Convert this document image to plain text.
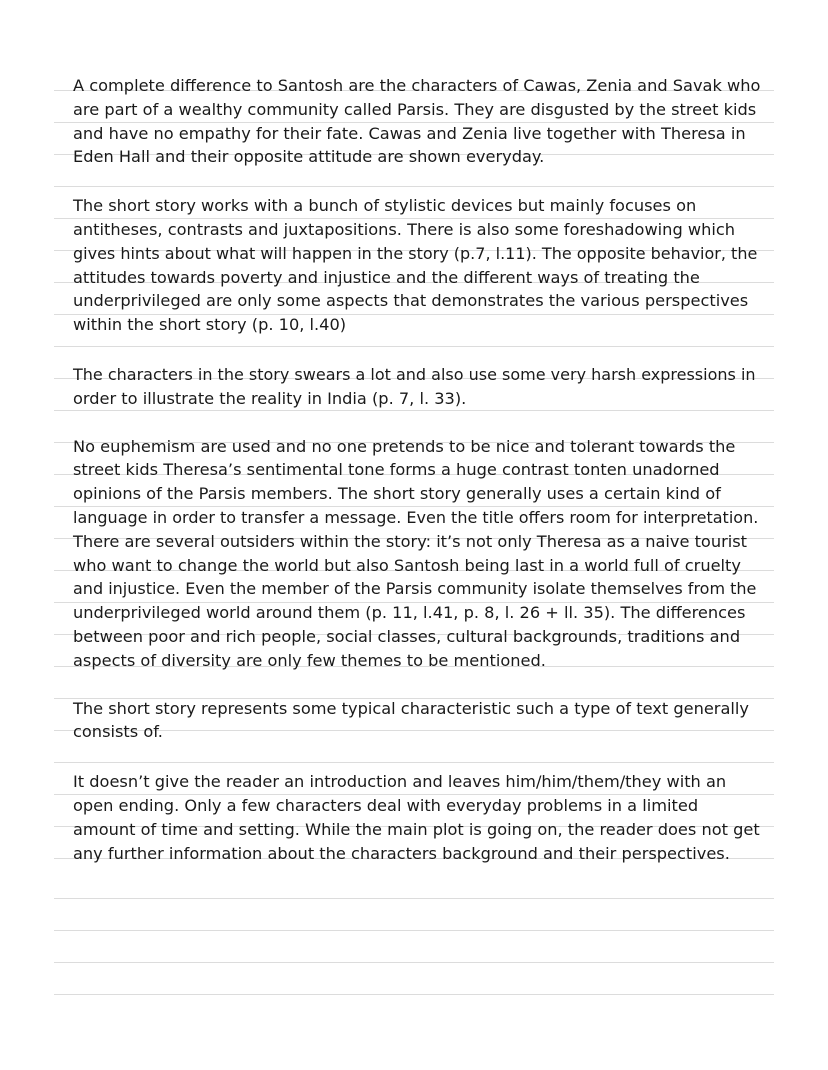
A complete difference to Santosh are the characters of Cawas, Zenia and Savak who
are part of a wealthy community called Parsis. They are disgusted by the street kids
and have no empathy for their fate. Cawas and Zenia live together with Theresa in
Eden Hall and their opposite attitude are shown everyday.

The short story works with a bunch of stylistic devices but mainly focuses on
antitheses, contrasts and juxtapositions. There is also some foreshadowing which
gives hints about what will happen in the story (p.7, l.11). The opposite behavior, the
attitudes towards poverty and injustice and the different ways of treating the
underprivileged are only some aspects that demonstrates the various perspectives
within the short story (p. 10, l.40)

The characters in the story swears a lot and also use some very harsh expressions in
order to illustrate the reality in India (p. 7, l. 33).

No euphemism are used and no one pretends to be nice and tolerant towards the
street kids Theresa’s sentimental tone forms a huge contrast tonten unadorned
opinions of the Parsis members. The short story generally uses a certain kind of
language in order to transfer a message. Even the title offers room for interpretation.
There are several outsiders within the story: it’s not only Theresa as a naive tourist
who want to change the world but also Santosh being last in a world full of cruelty
and injustice. Even the member of the Parsis community isolate themselves from the
underprivileged world around them (p. 11, l.41, p. 8, l. 26 + ll. 35). The differences
between poor and rich people, social classes, cultural backgrounds, traditions and
aspects of diversity are only few themes to be mentioned.

The short story represents some typical characteristic such a type of text generally
consists of.

It doesn’t give the reader an introduction and leaves him/him/them/they with an
open ending. Only a few characters deal with everyday problems in a limited
amount of time and setting. While the main plot is going on, the reader does not get
any further information about the characters background and their perspectives.
